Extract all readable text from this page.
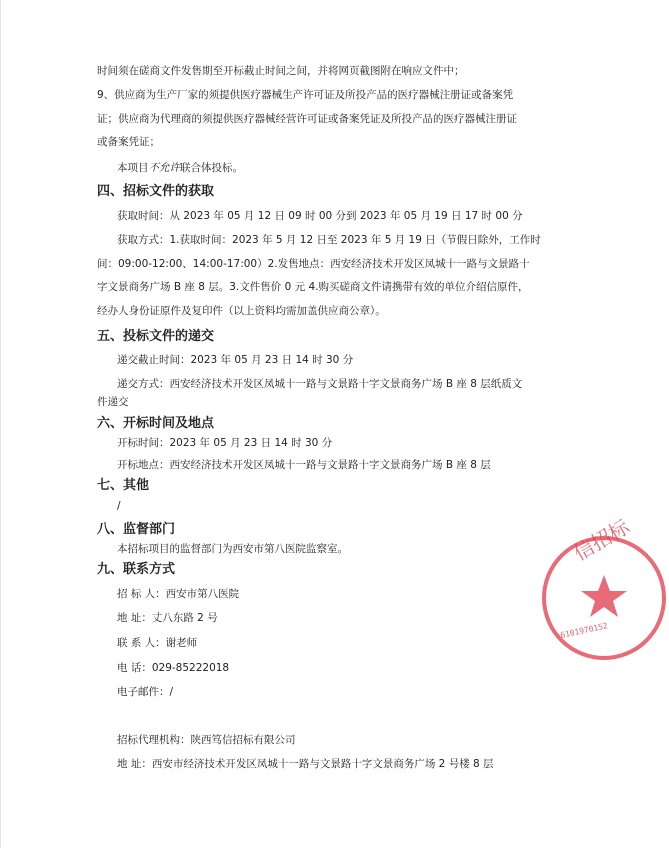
时间须在磋商文件发售期至开标截止时间之间，并将网页截图附在响应文件中；
9、供应商为生产厂家的须提供医疗器械生产许可证及所投产品的医疗器械注册证或备案凭
证；供应商为代理商的须提供医疗器械经营许可证或备案凭证及所投产品的医疗器械注册证
或备案凭证；
本项目不允许联合体投标。
四、招标文件的获取
获取时间：从 2023 年 05 月 12 日 09 时 00 分到 2023 年 05 月 19 日 17 时 00 分
获取方式：1.获取时间：2023 年 5 月 12 日至 2023 年 5 月 19 日（节假日除外，工作时
间：09:00-12:00、14:00-17:00）2.发售地点：西安经济技术开发区凤城十一路与文景路十
字文景商务广场 B 座 8 层。3.文件售价 0 元 4.购买磋商文件请携带有效的单位介绍信原件，
经办人身份证原件及复印件（以上资料均需加盖供应商公章）。
五、投标文件的递交
递交截止时间：2023 年 05 月 23 日 14 时 30 分
递交方式：西安经济技术开发区凤城十一路与文景路十字文景商务广场 B 座 8 层纸质文
件递交
六、开标时间及地点
开标时间：2023 年 05 月 23 日 14 时 30 分
开标地点：西安经济技术开发区凤城十一路与文景路十字文景商务广场 B 座 8 层
七、其他
/
八、监督部门
本招标项目的监督部门为西安市第八医院监察室。
九、联系方式
招 标 人：西安市第八医院
地 址：丈八东路 2 号
联 系 人：谢老师
电 话：029-85222018
电子邮件：/
招标代理机构：陕西笃信招标有限公司
地 址：西安市经济技术开发区凤城十一路与文景路十字文景商务广场 2 号楼 8 层
信招标
6101970152
